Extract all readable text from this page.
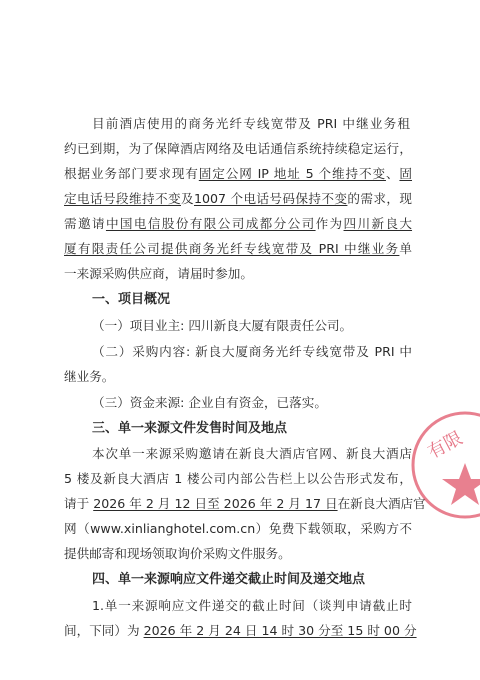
目前酒店使用的商务光纤专线宽带及 PRI 中继业务租
约已到期，为了保障酒店网络及电话通信系统持续稳定运行，
根据业务部门要求现有固定公网 IP 地址 5 个维持不变、固
定电话号段维持不变及1007 个电话号码保持不变的需求，现
需邀请中国电信股份有限公司成都分公司作为四川新良大
厦有限责任公司提供商务光纤专线宽带及 PRI 中继业务单
一来源采购供应商，请届时参加。
一、项目概况
（一）项目业主: 四川新良大厦有限责任公司。
（二）采购内容: 新良大厦商务光纤专线宽带及 PRI 中
继业务。
（三）资金来源: 企业自有资金，已落实。
三、单一来源文件发售时间及地点
本次单一来源采购邀请在新良大酒店官网、新良大酒店
5 楼及新良大酒店 1 楼公司内部公告栏上以公告形式发布，
请于 2026 年 2 月 12 日至 2026 年 2 月 17 日在新良大酒店官
网（www.xinliangh​otel.com.cn）免费下载领取，采购方不
提供邮寄和现场领取询价采购文件服务。
四、单一来源响应文件递交截止时间及递交地点
1.单一来源响应文件递交的截止时间（谈判申请截止时
间，下同）为 2026 年 2 月 24 日 14 时 30 分至 15 时 00 分
有限
